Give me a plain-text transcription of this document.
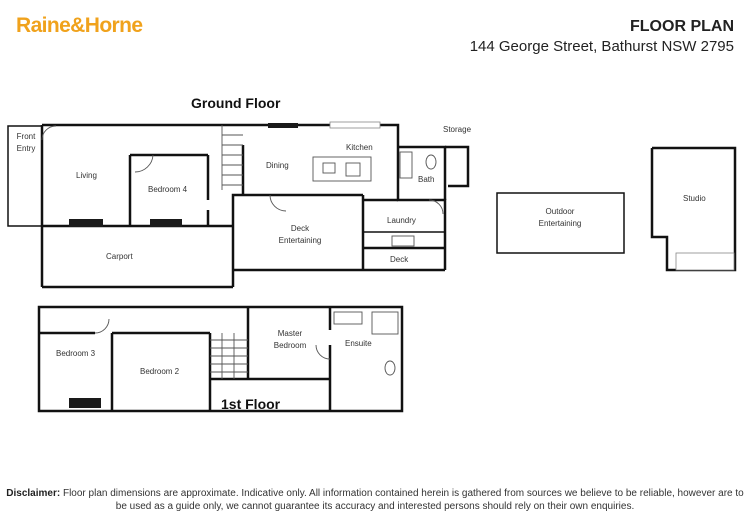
Raine&Horne	FLOOR PLAN
144 George Street, Bathurst NSW 2795
Ground Floor
1st Floor
Front Entry
Living
Bedroom 4
Carport
Dining
Kitchen
Bath
Storage
Deck Entertaining
Laundry
Deck
Outdoor Entertaining
Studio
Bedroom 3
Bedroom 2
Master Bedroom	Ensuite
Disclaimer: Floor plan dimensions are approximate. Indicative only. All information contained herein is gathered from sources we believe to be reliable, however are to be used as a guide only, we cannot guarantee its accuracy and interested persons should rely on their own enquiries.
